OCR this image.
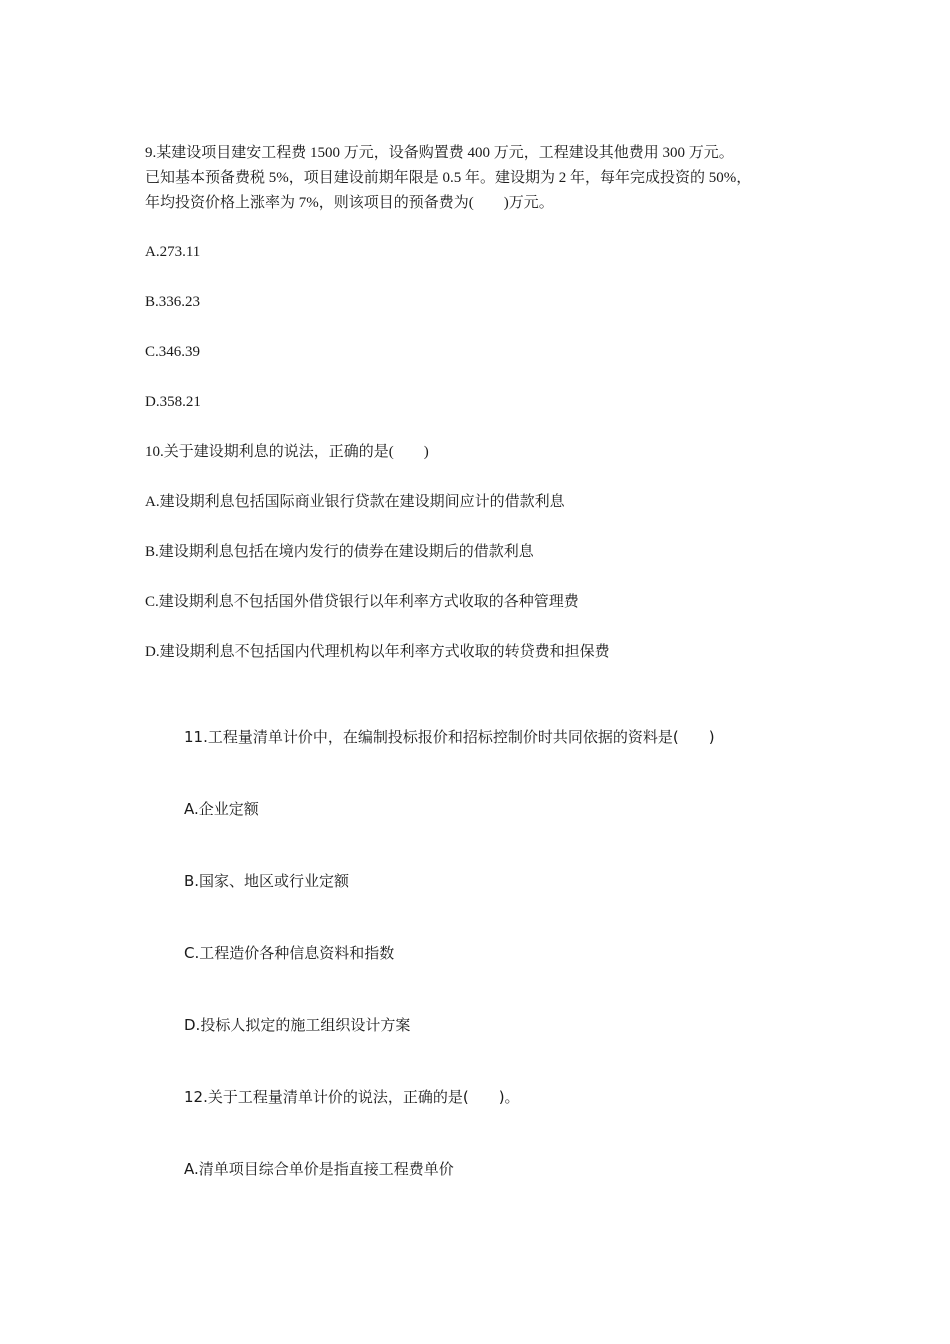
9.某建设项目建安工程费 1500 万元，设备购置费 400 万元，工程建设其他费用 300 万元。
已知基本预备费税 5%，项目建设前期年限是 0.5 年。建设期为 2 年，每年完成投资的 50%，
年均投资价格上涨率为 7%，则该项目的预备费为(　　)万元。
A.273.11
B.336.23
C.346.39
D.358.21
10.关于建设期利息的说法，正确的是(　　)
A.建设期利息包括国际商业银行贷款在建设期间应计的借款利息
B.建设期利息包括在境内发行的债券在建设期后的借款利息
C.建设期利息不包括国外借贷银行以年利率方式收取的各种管理费
D.建设期利息不包括国内代理机构以年利率方式收取的转贷费和担保费
11.工程量清单计价中，在编制投标报价和招标控制价时共同依据的资料是(　　)
A.企业定额
B.国家、地区或行业定额
C.工程造价各种信息资料和指数
D.投标人拟定的施工组织设计方案
12.关于工程量清单计价的说法，正确的是(　　)。
A.清单项目综合单价是指直接工程费单价
